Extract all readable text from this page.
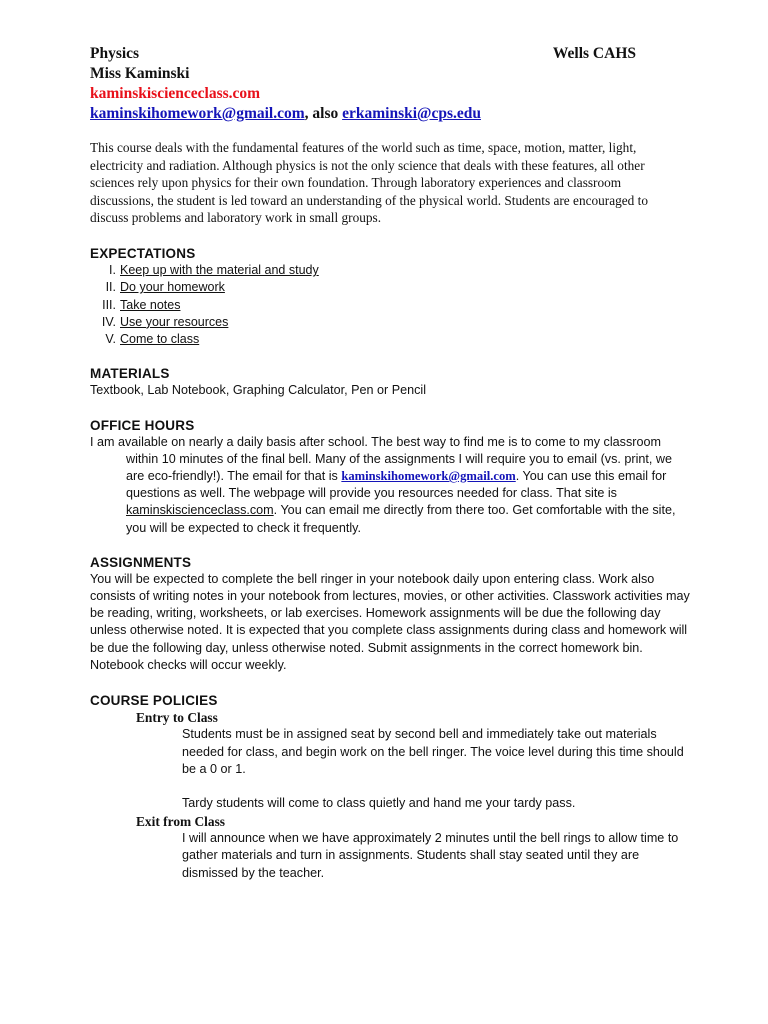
Physics	Wells CAHS
Miss Kaminski
kaminskiscienceclass.com
kaminskihomework@gmail.com, also erkaminski@cps.edu
This course deals with the fundamental features of the world such as time, space, motion, matter, light, electricity and radiation. Although physics is not the only science that deals with these features, all other sciences rely upon physics for their own foundation. Through laboratory experiences and classroom discussions, the student is led toward an understanding of the physical world. Students are encouraged to discuss problems and laboratory work in small groups.
EXPECTATIONS
I. Keep up with the material and study
II. Do your homework
III. Take notes
IV. Use your resources
V. Come to class
MATERIALS
Textbook, Lab Notebook, Graphing Calculator, Pen or Pencil
OFFICE HOURS
I am available on nearly a daily basis after school. The best way to find me is to come to my classroom within 10 minutes of the final bell. Many of the assignments I will require you to email (vs. print, we are eco-friendly!). The email for that is kaminskihomework@gmail.com. You can use this email for questions as well. The webpage will provide you resources needed for class. That site is kaminskiscienceclass.com. You can email me directly from there too. Get comfortable with the site, you will be expected to check it frequently.
ASSIGNMENTS
You will be expected to complete the bell ringer in your notebook daily upon entering class. Work also consists of writing notes in your notebook from lectures, movies, or other activities. Classwork activities may be reading, writing, worksheets, or lab exercises. Homework assignments will be due the following day unless otherwise noted. It is expected that you complete class assignments during class and homework will be due the following day, unless otherwise noted. Submit assignments in the correct homework bin. Notebook checks will occur weekly.
COURSE POLICIES
Entry to Class
Students must be in assigned seat by second bell and immediately take out materials needed for class, and begin work on the bell ringer. The voice level during this time should be a 0 or 1.
Tardy students will come to class quietly and hand me your tardy pass.
Exit from Class
I will announce when we have approximately 2 minutes until the bell rings to allow time to gather materials and turn in assignments. Students shall stay seated until they are dismissed by the teacher.
